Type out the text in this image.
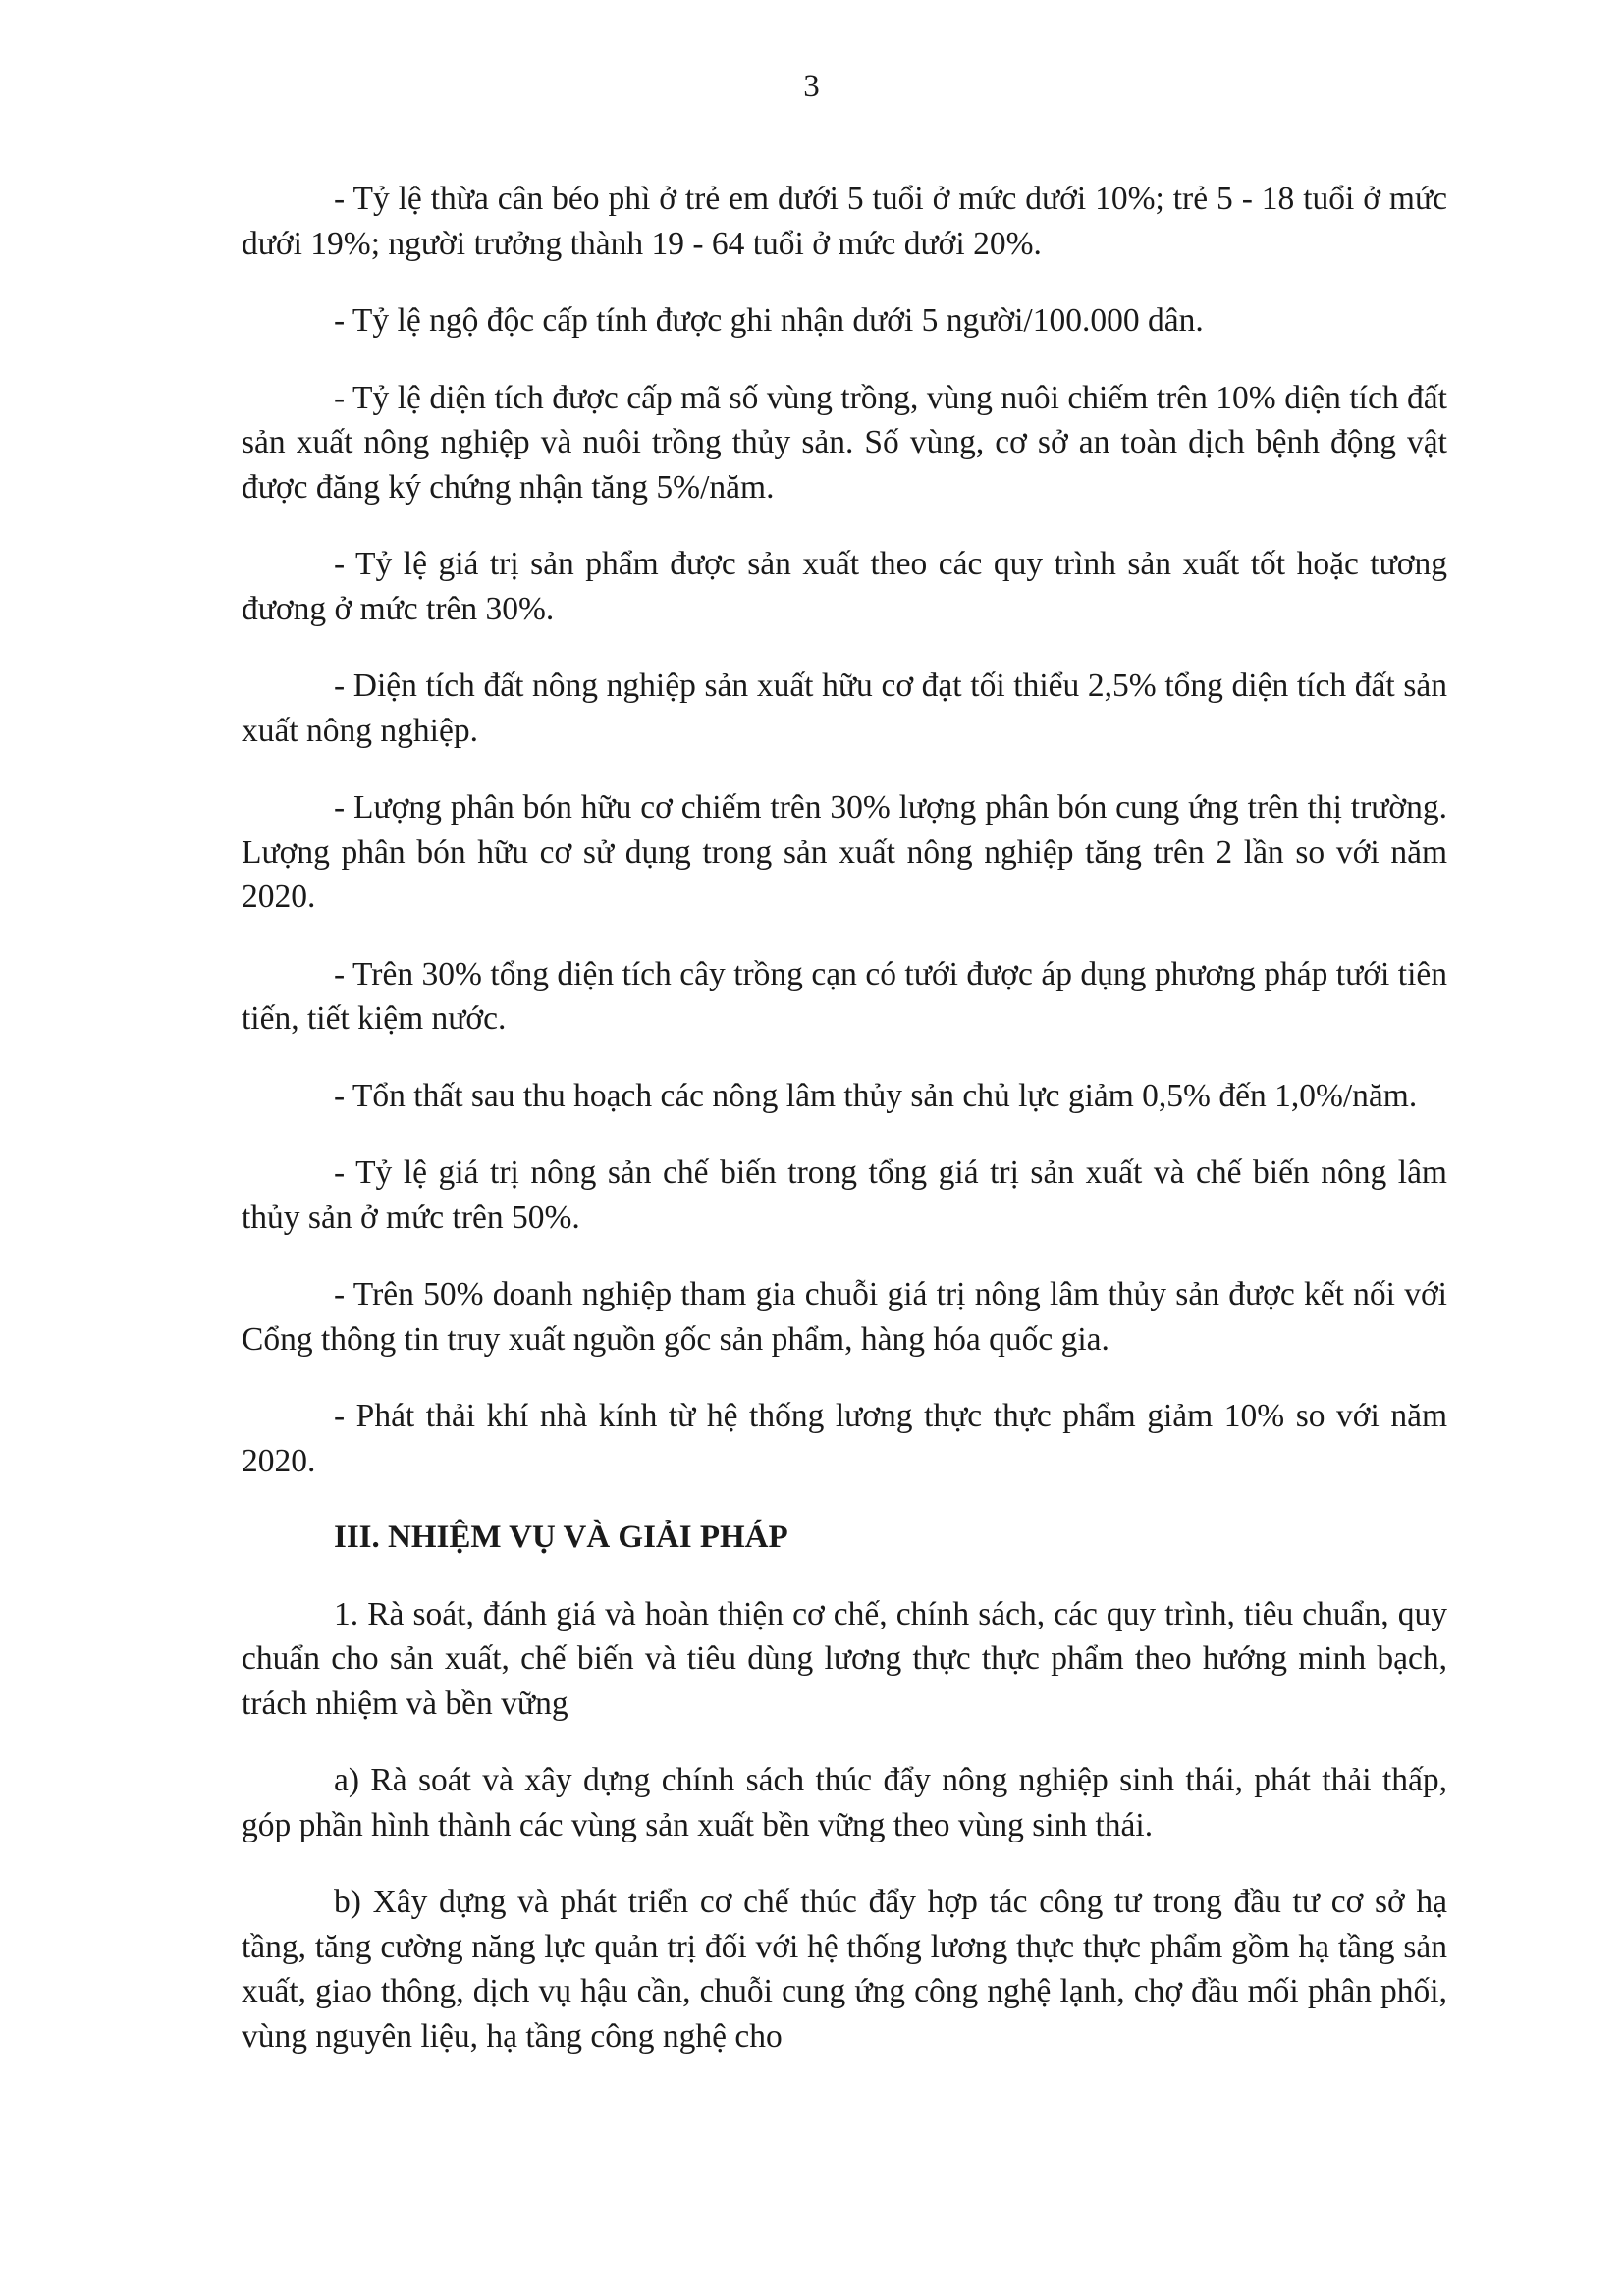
3

- Tỷ lệ thừa cân béo phì ở trẻ em dưới 5 tuổi ở mức dưới 10%; trẻ 5 - 18 tuổi ở mức dưới 19%; người trưởng thành 19 - 64 tuổi ở mức dưới 20%.

- Tỷ lệ ngộ độc cấp tính được ghi nhận dưới 5 người/100.000 dân.

- Tỷ lệ diện tích được cấp mã số vùng trồng, vùng nuôi chiếm trên 10% diện tích đất sản xuất nông nghiệp và nuôi trồng thủy sản. Số vùng, cơ sở an toàn dịch bệnh động vật được đăng ký chứng nhận tăng 5%/năm.

- Tỷ lệ giá trị sản phẩm được sản xuất theo các quy trình sản xuất tốt hoặc tương đương ở mức trên 30%.

- Diện tích đất nông nghiệp sản xuất hữu cơ đạt tối thiểu 2,5% tổng diện tích đất sản xuất nông nghiệp.

- Lượng phân bón hữu cơ chiếm trên 30% lượng phân bón cung ứng trên thị trường. Lượng phân bón hữu cơ sử dụng trong sản xuất nông nghiệp tăng trên 2 lần so với năm 2020.

- Trên 30% tổng diện tích cây trồng cạn có tưới được áp dụng phương pháp tưới tiên tiến, tiết kiệm nước.

- Tổn thất sau thu hoạch các nông lâm thủy sản chủ lực giảm 0,5% đến 1,0%/năm.

- Tỷ lệ giá trị nông sản chế biến trong tổng giá trị sản xuất và chế biến nông lâm thủy sản ở mức trên 50%.

- Trên 50% doanh nghiệp tham gia chuỗi giá trị nông lâm thủy sản được kết nối với Cổng thông tin truy xuất nguồn gốc sản phẩm, hàng hóa quốc gia.

- Phát thải khí nhà kính từ hệ thống lương thực thực phẩm giảm 10% so với năm 2020.

III. NHIỆM VỤ VÀ GIẢI PHÁP

1. Rà soát, đánh giá và hoàn thiện cơ chế, chính sách, các quy trình, tiêu chuẩn, quy chuẩn cho sản xuất, chế biến và tiêu dùng lương thực thực phẩm theo hướng minh bạch, trách nhiệm và bền vững

a) Rà soát và xây dựng chính sách thúc đẩy nông nghiệp sinh thái, phát thải thấp, góp phần hình thành các vùng sản xuất bền vững theo vùng sinh thái.

b) Xây dựng và phát triển cơ chế thúc đẩy hợp tác công tư trong đầu tư cơ sở hạ tầng, tăng cường năng lực quản trị đối với hệ thống lương thực thực phẩm gồm hạ tầng sản xuất, giao thông, dịch vụ hậu cần, chuỗi cung ứng công nghệ lạnh, chợ đầu mối phân phối, vùng nguyên liệu, hạ tầng công nghệ cho
